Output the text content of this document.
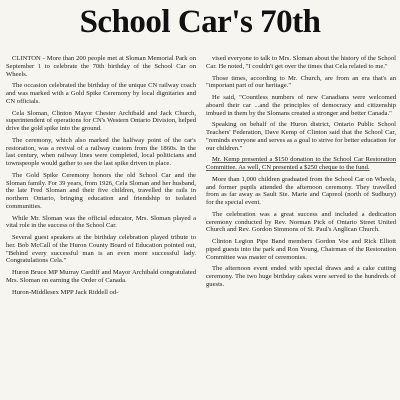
School Car's 70th

CLINTON - More than 200 people met at Sloman Memorial Park on September 1 to celebrate the 70th birthday of the School Car on Wheels.

The occasion celebrated the birthday of the unique CN railway coach and was marked with a Gold Spike Ceremony by local dignitaries and CN officials.

Cela Sloman, Clinton Mayor Chester Archibald and Jack Church, superintendent of operations for CN's Western Ontario Division, helped drive the gold spike into the ground.

The ceremony, which also marked the halfway point of the car's restoration, was a revival of a railway custom from the 1860s. In the last century, when railway lines were completed, local politicians and townspeople would gather to see the last spike driven in place.

The Gold Spike Ceremony honors the old School Car and the Sloman family. For 39 years, from 1926, Cela Sloman and her husband, the late Fred Sloman and their five children, travelled the rails in northern Ontario, bringing education and friendship to isolated communities.

While Mr. Sloman was the official educator, Mrs. Sloman played a vital role in the success of the School Car.

Several guest speakers at the birthday celebration played tribute to her. Bob McCall of the Huron County Board of Education pointed out, "Behind every successful man is an even more successful lady. Congratulations Cela."

Huron Bruce MP Murray Cardiff and Mayor Archibald congratulated Mrs. Sloman on earning the Order of Canada.

Huron-Middlesex MPP Jack Riddell od-

vised everyone to talk to Mrs. Sloman about the history of the School Car. He noted, "I couldn't get over the times that Cela related to me."

Those times, according to Mr. Church, are from an era that's an "important part of our heritage."

He said, "Countless numbers of new Canadians were welcomed aboard their car ...and the principles of democracy and citizenship imbued in them by the Slomans created a stronger and better Canada."

Speaking on behalf of the Huron district, Ontario Public School Teachers' Federation, Dave Kemp of Clinton said that the School Car, "reminds everyone and serves as a goal to strive for better education for our children."

Mr. Kemp presented a $150 donation to the School Car Restoration Committee. As well, CN presented a $250 cheque to the fund.

More than 1,000 children graduated from the School Car on Wheels, and former pupils attended the afternoon ceremony. They travelled from as far away as Sault Ste. Marie and Capreol (north of Sudbury) for the special event.

The celebration was a great success and included a dedication ceremony conducted by Rev. Norman Pick of Ontario Street United Church and Rev. Gordon Simmons of St. Paul's Anglican Church.

Clinton Legion Pipe Band members Gordon Voe and Rick Elliott piped guests into the park and Ron Young, Chairman of the Restoration Committee was master of ceremonies.

The afternoon event ended with special draws and a cake cutting ceremony. The two huge birthday cakes were served to the hundreds of guests.
